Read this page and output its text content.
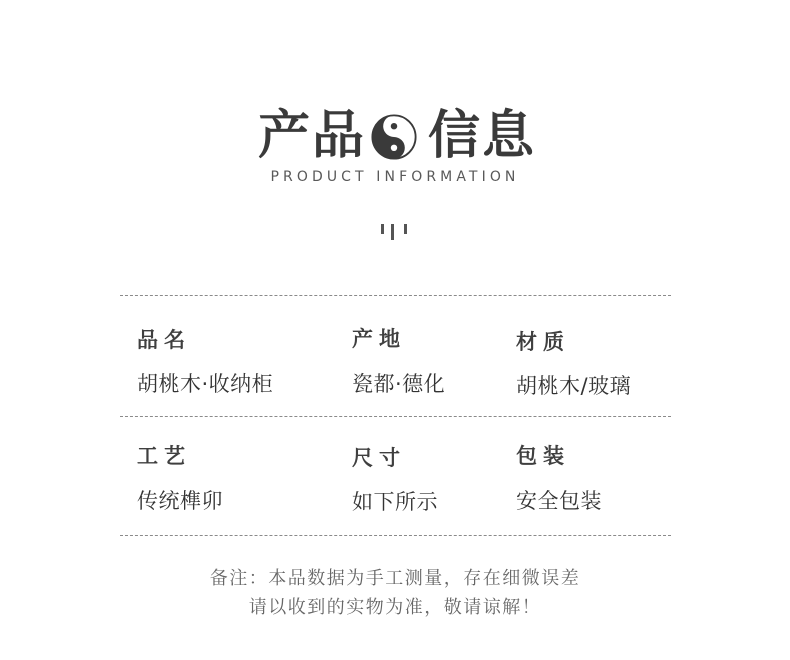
产品 信息
PRODUCT INFORMATION
品名	产地	材质
胡桃木·收纳柜	瓷都·德化	胡桃木/玻璃
工艺	尺寸	包装
传统榫卯	如下所示	安全包装
备注：本品数据为手工测量，存在细微误差
请以收到的实物为准，敬请谅解！
